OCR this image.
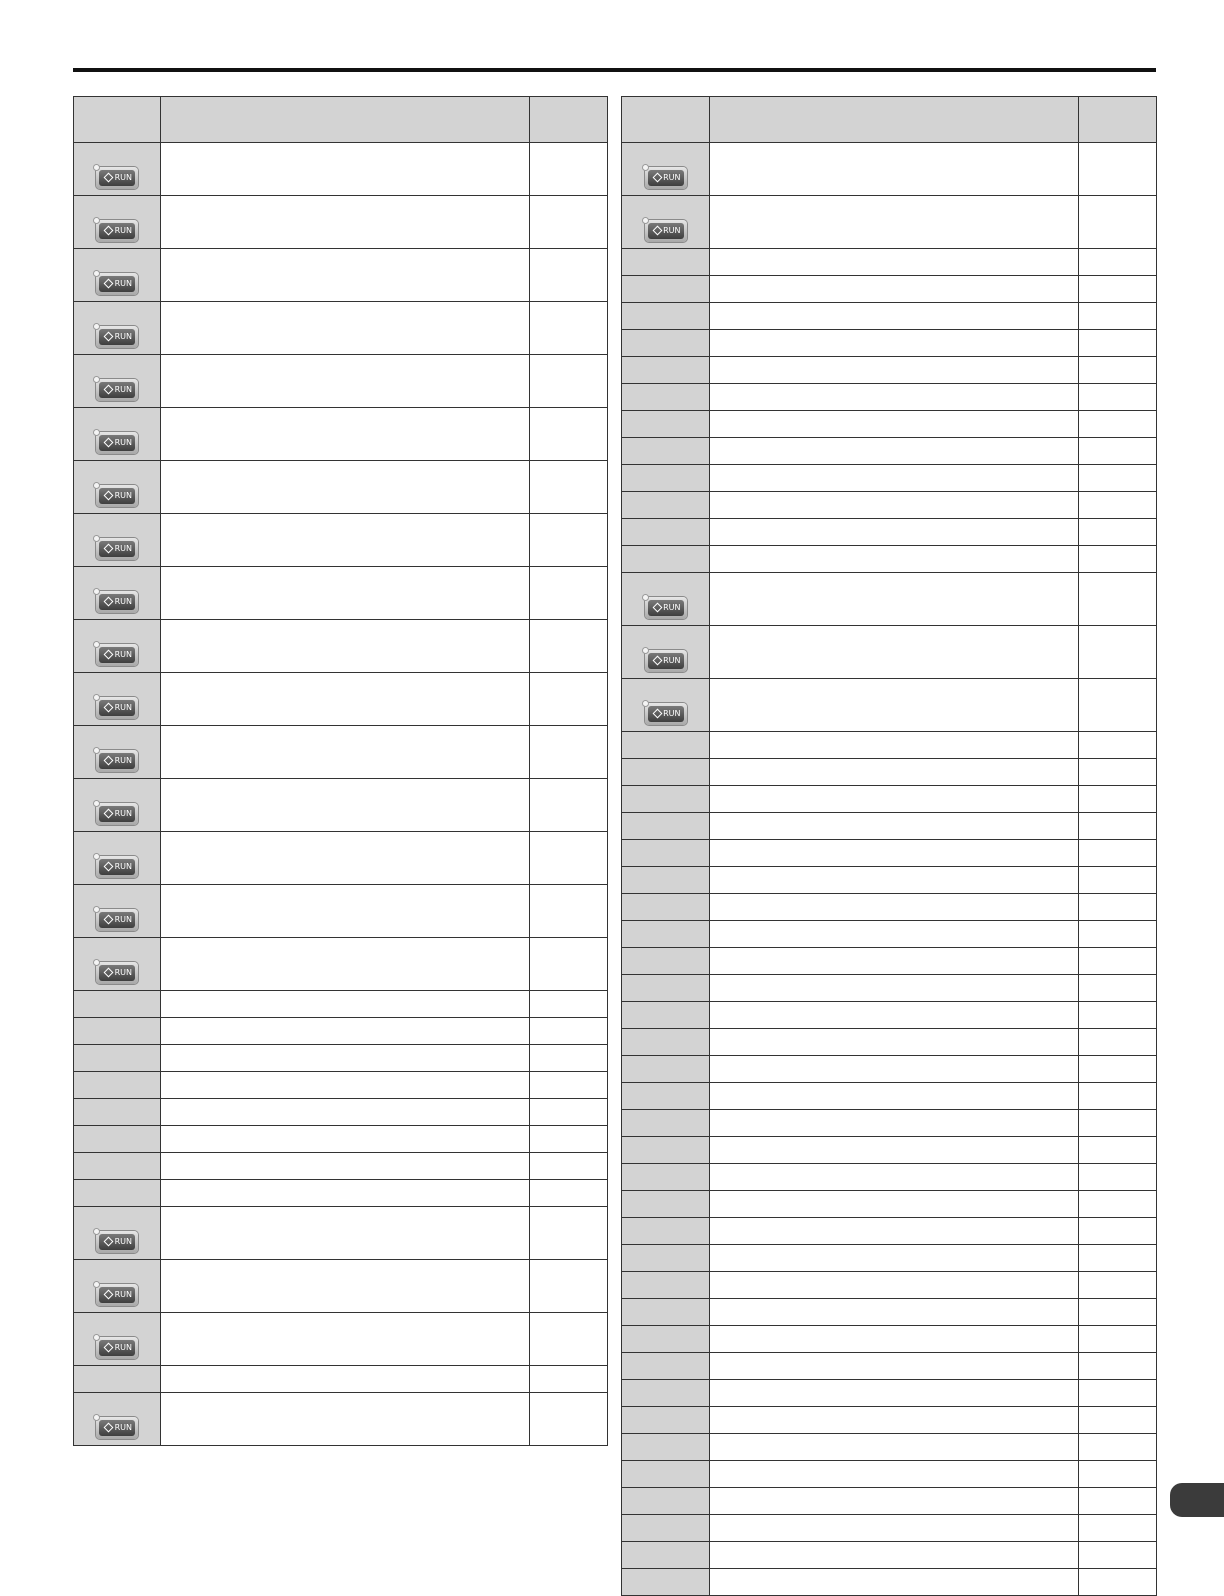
RUN
RUN
RUN
RUN
RUN
RUN
RUN
RUN
RUN
RUN
RUN
RUN
RUN
RUN
RUN
RUN
RUN
RUN
RUN
RUN
RUN
RUN
RUN
RUN
RUN
